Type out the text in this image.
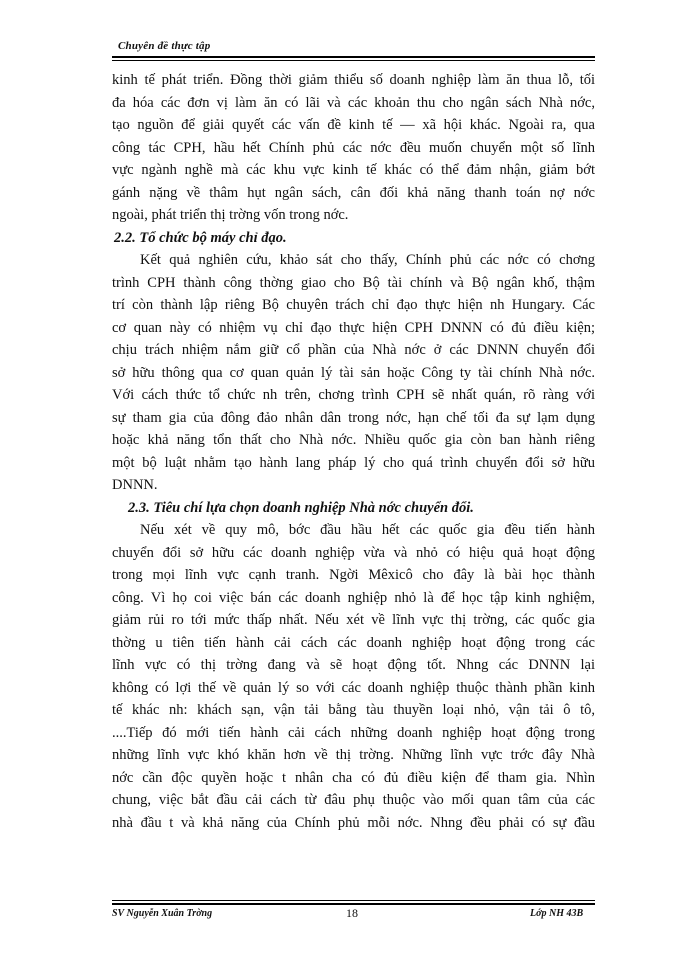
Chuyên đề thực tập
kinh tế phát triển. Đồng thời giảm thiểu số doanh nghiệp làm ăn thua lỗ, tối
đa hóa các đơn vị làm ăn có lãi và các khoản thu cho ngân sách Nhà nớc,
tạo nguồn để giải quyết các vấn đề kinh tế — xã hội khác. Ngoài ra, qua
công tác CPH, hầu hết Chính phủ các nớc đều muốn chuyển một số lĩnh
vực ngành nghề mà các khu vực kinh tế khác có thể đảm nhận, giảm bớt
gánh nặng về thâm hụt ngân sách, cân đối khả năng thanh toán nợ nớc
ngoài, phát triển thị trờng vốn trong nớc.
2.2. Tổ chức bộ máy chỉ đạo.
Kết quả nghiên cứu, khảo sát cho thấy, Chính phủ các nớc có chơng
trình CPH thành công thờng giao cho Bộ tài chính và Bộ ngân khố, thậm
trí còn thành lập riêng Bộ chuyên trách chỉ đạo thực hiện nh Hungary. Các
cơ quan này có nhiệm vụ chỉ đạo thực hiện CPH DNNN có đủ điều kiện;
chịu trách nhiệm nắm giữ cổ phần của Nhà nớc ở các DNNN chuyển đổi
sở hữu thông qua cơ quan quản lý tài sản hoặc Công ty tài chính Nhà nớc.
Với cách thức tổ chức nh trên, chơng trình CPH sẽ nhất quán, rõ ràng với
sự tham gia của đông đảo nhân dân trong nớc, hạn chế tối đa sự lạm dụng
hoặc khả năng tổn thất cho Nhà nớc. Nhiều quốc gia còn ban hành riêng
một bộ luật nhằm tạo hành lang pháp lý cho quá trình chuyển đổi sở hữu
DNNN.
2.3. Tiêu chí lựa chọn doanh nghiệp Nhà nớc chuyển đổi.
Nếu xét về quy mô, bớc đầu hầu hết các quốc gia đều tiến hành
chuyển đổi sở hữu các doanh nghiệp vừa và nhỏ có hiệu quả hoạt động
trong mọi lĩnh vực cạnh tranh. Ngời Mêxicô cho đây là bài học thành
công. Vì họ coi việc bán các doanh nghiệp nhỏ là để học tập kinh nghiệm,
giảm rủi ro tới mức thấp nhất. Nếu xét về lĩnh vực thị trờng, các quốc gia
thờng u tiên tiến hành cải cách các doanh nghiệp hoạt động trong các
lĩnh vực có thị trờng đang và sẽ hoạt động tốt. Nhng các DNNN lại
không có lợi thế về quản lý so với các doanh nghiệp thuộc thành phần kinh
tế khác nh: khách sạn, vận tải bằng tàu thuyền loại nhỏ, vận tải ô tô,
....Tiếp đó mới tiến hành cải cách những doanh nghiệp hoạt động trong
những lĩnh vực khó khăn hơn về thị trờng. Những lĩnh vực trớc đây Nhà
nớc cần độc quyền hoặc t nhân cha có đủ điều kiện để tham gia. Nhìn
chung, việc bắt đầu cải cách từ đâu phụ thuộc vào mối quan tâm của các
nhà đầu t và khả năng của Chính phủ mỗi nớc. Nhng đều phải có sự đầu
SV Nguyễn Xuân Trờng	18	Lớp NH 43B
